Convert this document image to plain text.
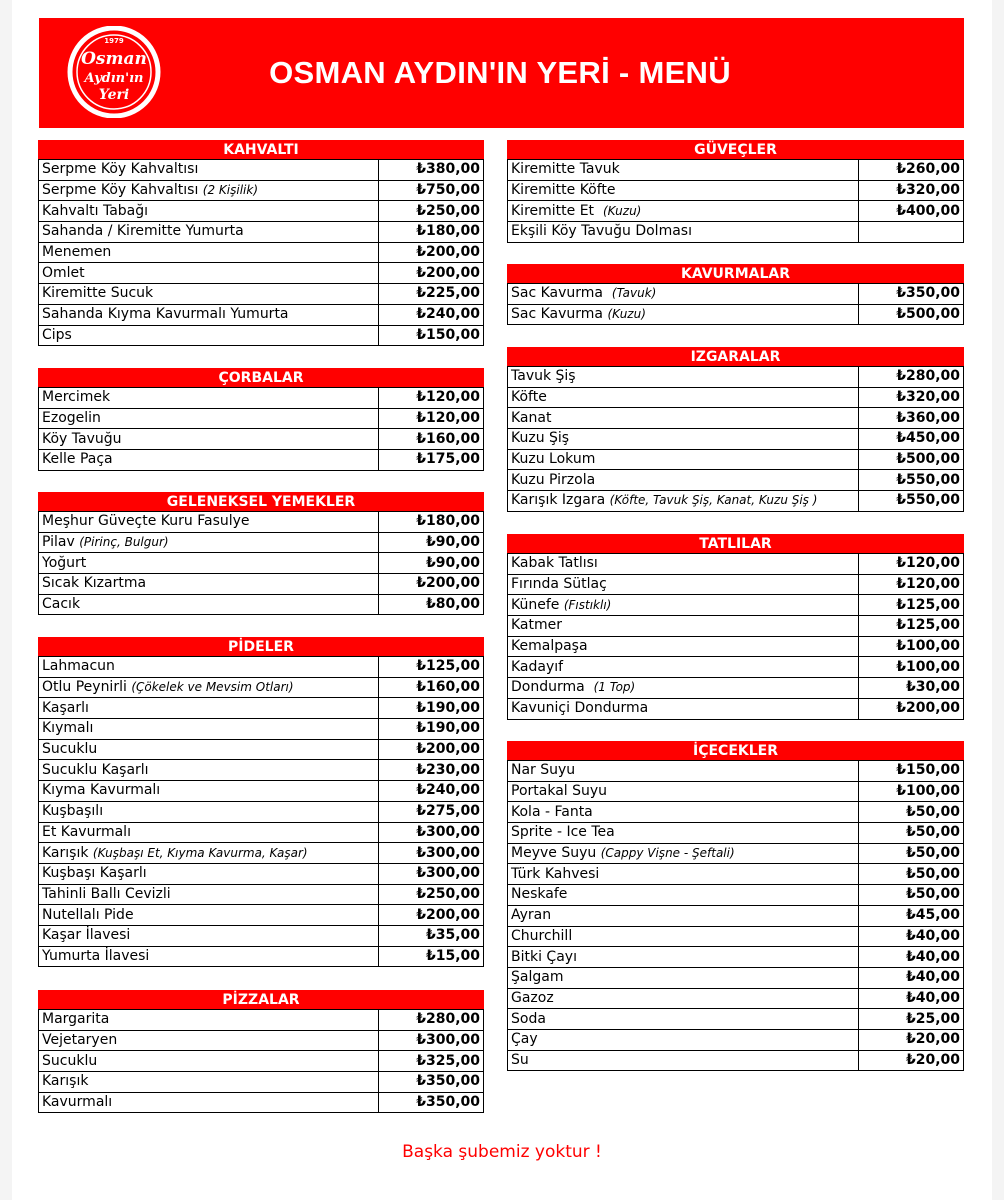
1979
Osman
Aydın'ın
Yeri
OSMAN AYDIN'IN YERİ - MENÜ
KAHVALTI
Serpme Köy Kahvaltısı	₺380,00
Serpme Köy Kahvaltısı (2 Kişilik)	₺750,00
Kahvaltı Tabağı	₺250,00
Sahanda / Kiremitte Yumurta	₺180,00
Menemen	₺200,00
Omlet	₺200,00
Kiremitte Sucuk	₺225,00
Sahanda Kıyma Kavurmalı Yumurta	₺240,00
Cips	₺150,00
ÇORBALAR
Mercimek	₺120,00
Ezogelin	₺120,00
Köy Tavuğu	₺160,00
Kelle Paça	₺175,00
GELENEKSEL YEMEKLER
Meşhur Güveçte Kuru Fasulye	₺180,00
Pilav (Pirinç, Bulgur)	₺90,00
Yoğurt	₺90,00
Sıcak Kızartma	₺200,00
Cacık	₺80,00
PİDELER
Lahmacun	₺125,00
Otlu Peynirli (Çökelek ve Mevsim Otları)	₺160,00
Kaşarlı	₺190,00
Kıymalı	₺190,00
Sucuklu	₺200,00
Sucuklu Kaşarlı	₺230,00
Kıyma Kavurmalı	₺240,00
Kuşbaşılı	₺275,00
Et Kavurmalı	₺300,00
Karışık (Kuşbaşı Et, Kıyma Kavurma, Kaşar)	₺300,00
Kuşbaşı Kaşarlı	₺300,00
Tahinli Ballı Cevizli	₺250,00
Nutellalı Pide	₺200,00
Kaşar İlavesi	₺35,00
Yumurta İlavesi	₺15,00
PİZZALAR
Margarita	₺280,00
Vejetaryen	₺300,00
Sucuklu	₺325,00
Karışık	₺350,00
Kavurmalı	₺350,00
GÜVEÇLER
Kiremitte Tavuk	₺260,00
Kiremitte Köfte	₺320,00
Kiremitte Et  (Kuzu)	₺400,00
Ekşili Köy Tavuğu Dolması	
KAVURMALAR
Sac Kavurma  (Tavuk)	₺350,00
Sac Kavurma (Kuzu)	₺500,00
IZGARALAR
Tavuk Şiş	₺280,00
Köfte	₺320,00
Kanat	₺360,00
Kuzu Şiş	₺450,00
Kuzu Lokum	₺500,00
Kuzu Pirzola	₺550,00
Karışık Izgara (Köfte, Tavuk Şiş, Kanat, Kuzu Şiş )	₺550,00
TATLILAR
Kabak Tatlısı	₺120,00
Fırında Sütlaç	₺120,00
Künefe (Fıstıklı)	₺125,00
Katmer	₺125,00
Kemalpaşa	₺100,00
Kadayıf	₺100,00
Dondurma  (1 Top)	₺30,00
Kavuniçi Dondurma	₺200,00
İÇECEKLER
Nar Suyu	₺150,00
Portakal Suyu	₺100,00
Kola - Fanta	₺50,00
Sprite - Ice Tea	₺50,00
Meyve Suyu (Cappy Vişne - Şeftali)	₺50,00
Türk Kahvesi	₺50,00
Neskafe	₺50,00
Ayran	₺45,00
Churchill	₺40,00
Bitki Çayı	₺40,00
Şalgam	₺40,00
Gazoz	₺40,00
Soda	₺25,00
Çay	₺20,00
Su	₺20,00
Başka şubemiz yoktur !
